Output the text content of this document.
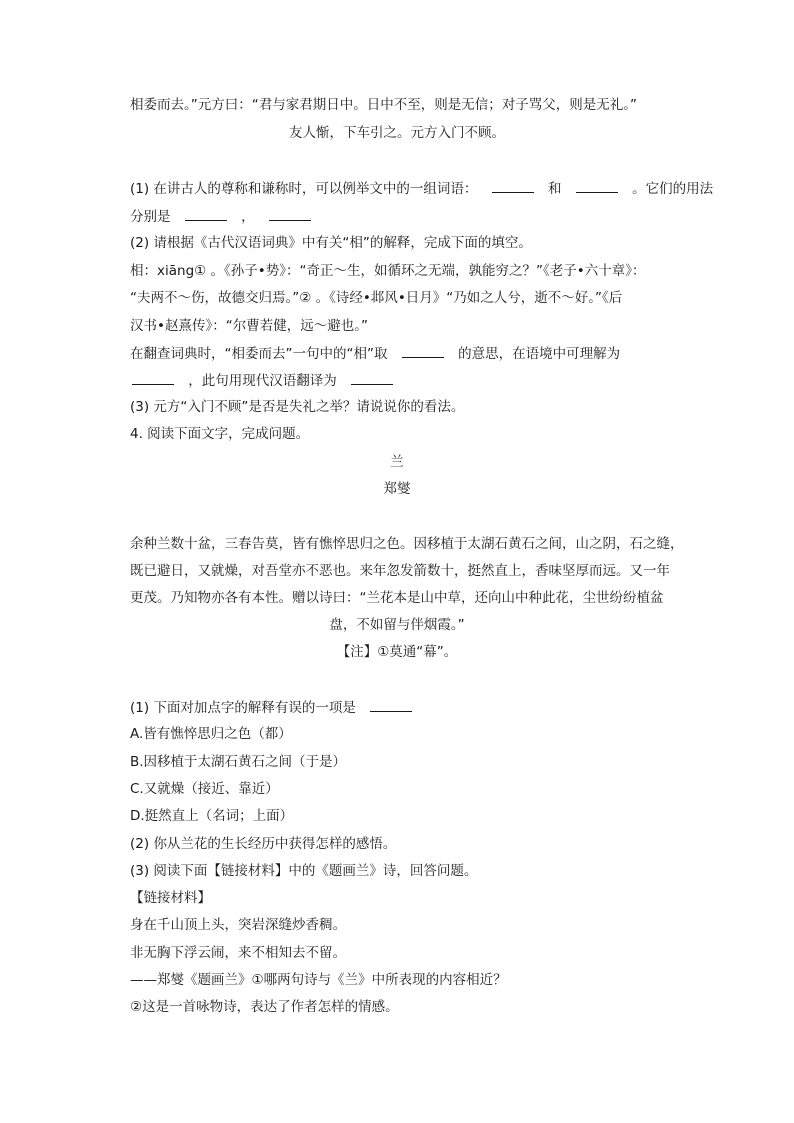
相委而去。”元方曰：“君与家君期日中。日中不至，则是无信；对子骂父，则是无礼。”
友人惭，下车引之。元方入门不顾。
(1) 在讲古人的尊称和谦称时，可以例举文中的一组词语：	和	。它们的用法
分别是	，
(2) 请根据《古代汉语词典》中有关“相”的解释，完成下面的填空。
相：xiāng① 。《孙子•势》：“奇正～生，如循环之无端，孰能穷之？”《老子•六十章》：
“夫两不～伤，故德交归焉。”② 。《诗经•邶风•日月》“乃如之人兮，逝不～好。”《后
汉书•赵熹传》：“尔曹若健，远～避也。”
在翻查词典时，“相委而去”一句中的“相”取	的意思，在语境中可理解为
，此句用现代汉语翻译为
(3) 元方“入门不顾”是否是失礼之举？请说说你的看法。
4. 阅读下面文字，完成问题。
兰
郑燮
余种兰数十盆，三春告莫，皆有憔悴思归之色。因移植于太湖石黄石之间，山之阴，石之缝，
既已避日，又就燥，对吾堂亦不恶也。来年忽发箭数十，挺然直上，香味坚厚而远。又一年
更茂。乃知物亦各有本性。赠以诗曰：“兰花本是山中草，还向山中种此花，尘世纷纷植盆
盘，不如留与伴烟霞。”
【注】①莫通“幕”。
(1) 下面对加点字的解释有误的一项是
A.皆有憔悴思归之色（都）
B.因移植于太湖石黄石之间（于是）
C.又就燥（接近、靠近）
D.挺然直上（名词；上面）
(2) 你从兰花的生长经历中获得怎样的感悟。
(3) 阅读下面【链接材料】中的《题画兰》诗，回答问题。
【链接材料】
身在千山顶上头，突岩深缝炒香稠。
非无胸下浮云闹，来不相知去不留。
——郑燮《题画兰》①哪两句诗与《兰》中所表现的内容相近？
②这是一首咏物诗，表达了作者怎样的情感。
